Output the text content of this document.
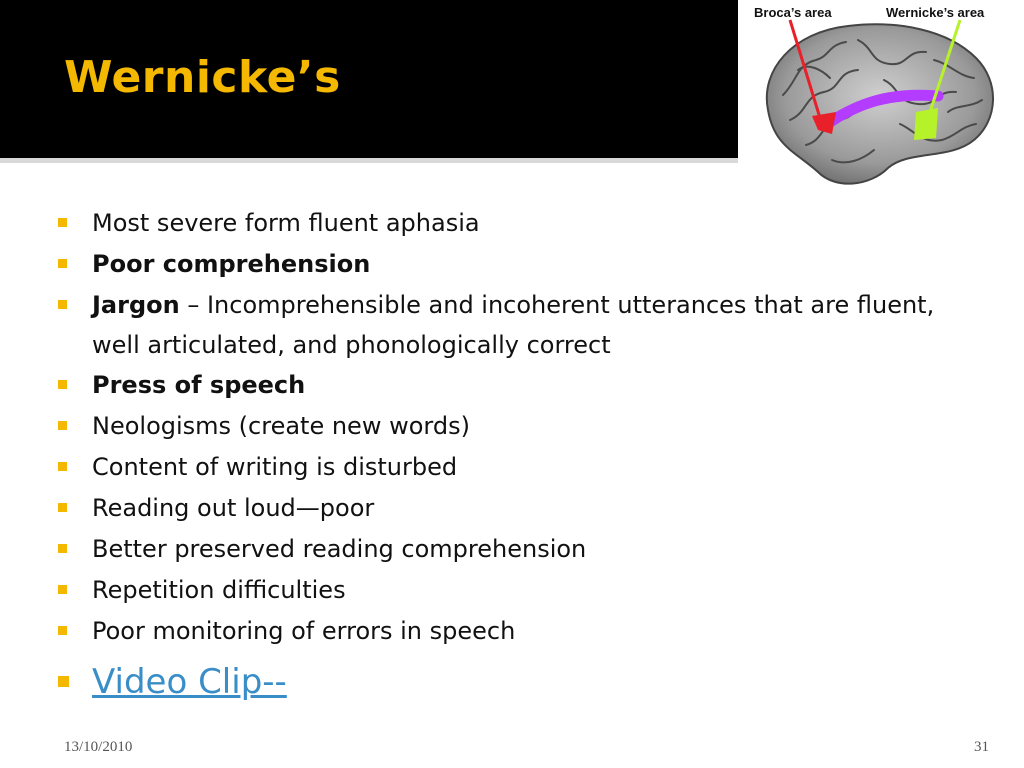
Wernicke’s
Broca’s area	Wernicke’s area
Most severe form fluent aphasia
Poor comprehension
Jargon – Incomprehensible and incoherent utterances that are fluent, well articulated, and phonologically correct
Press of speech
Neologisms (create new words)
Content of writing is disturbed
Reading out loud—poor
Better preserved reading comprehension
Repetition difficulties
Poor monitoring of errors in speech
Video Clip--
13/10/2010	31
